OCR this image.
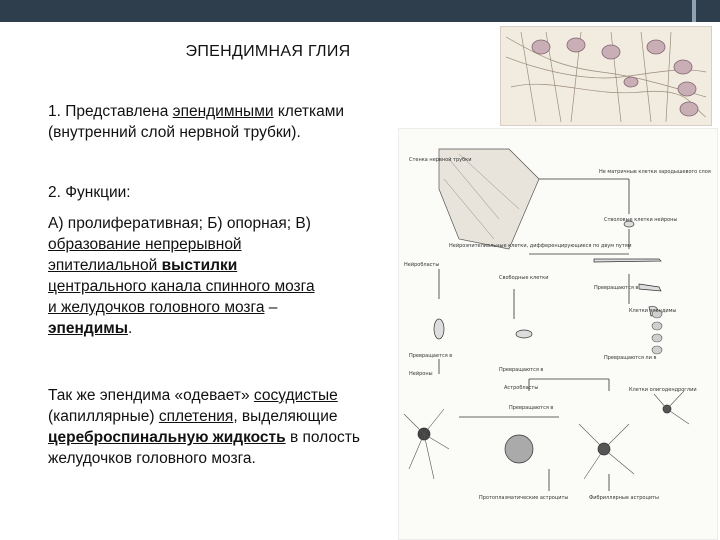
ЭПЕНДИМНАЯ ГЛИЯ

1. Представлена эпендимными клетками (внутренний слой нервной трубки).

2. Функции:

А) пролиферативная; Б) опорная; В)
образование непрерывной
эпителиальной выстилки
центрального канала спинного мозга
и желудочков головного мозга –
эпендимы.

Так же эпендима «одевает» сосудистые (капиллярные) сплетения, выделяющие цереброспинальную жидкость в полость желудочков головного мозга.

Стенка нервной трубки
Не матричные клетки зародышевого слоя
Стволовые клетки нейроны
Нейробласты
Превращаются в
Клетки эпендимы
Превращается в
Нейроны
Астробласты	Клетки олигодендроглии
Протоплазматические астроциты	Фибриллярные астроциты
Превращаются в
Превращаются в
Свободные клетки
Превращаются ли в
Нейроэпителиальные клетки, дифференцирующиеся по двум путям
